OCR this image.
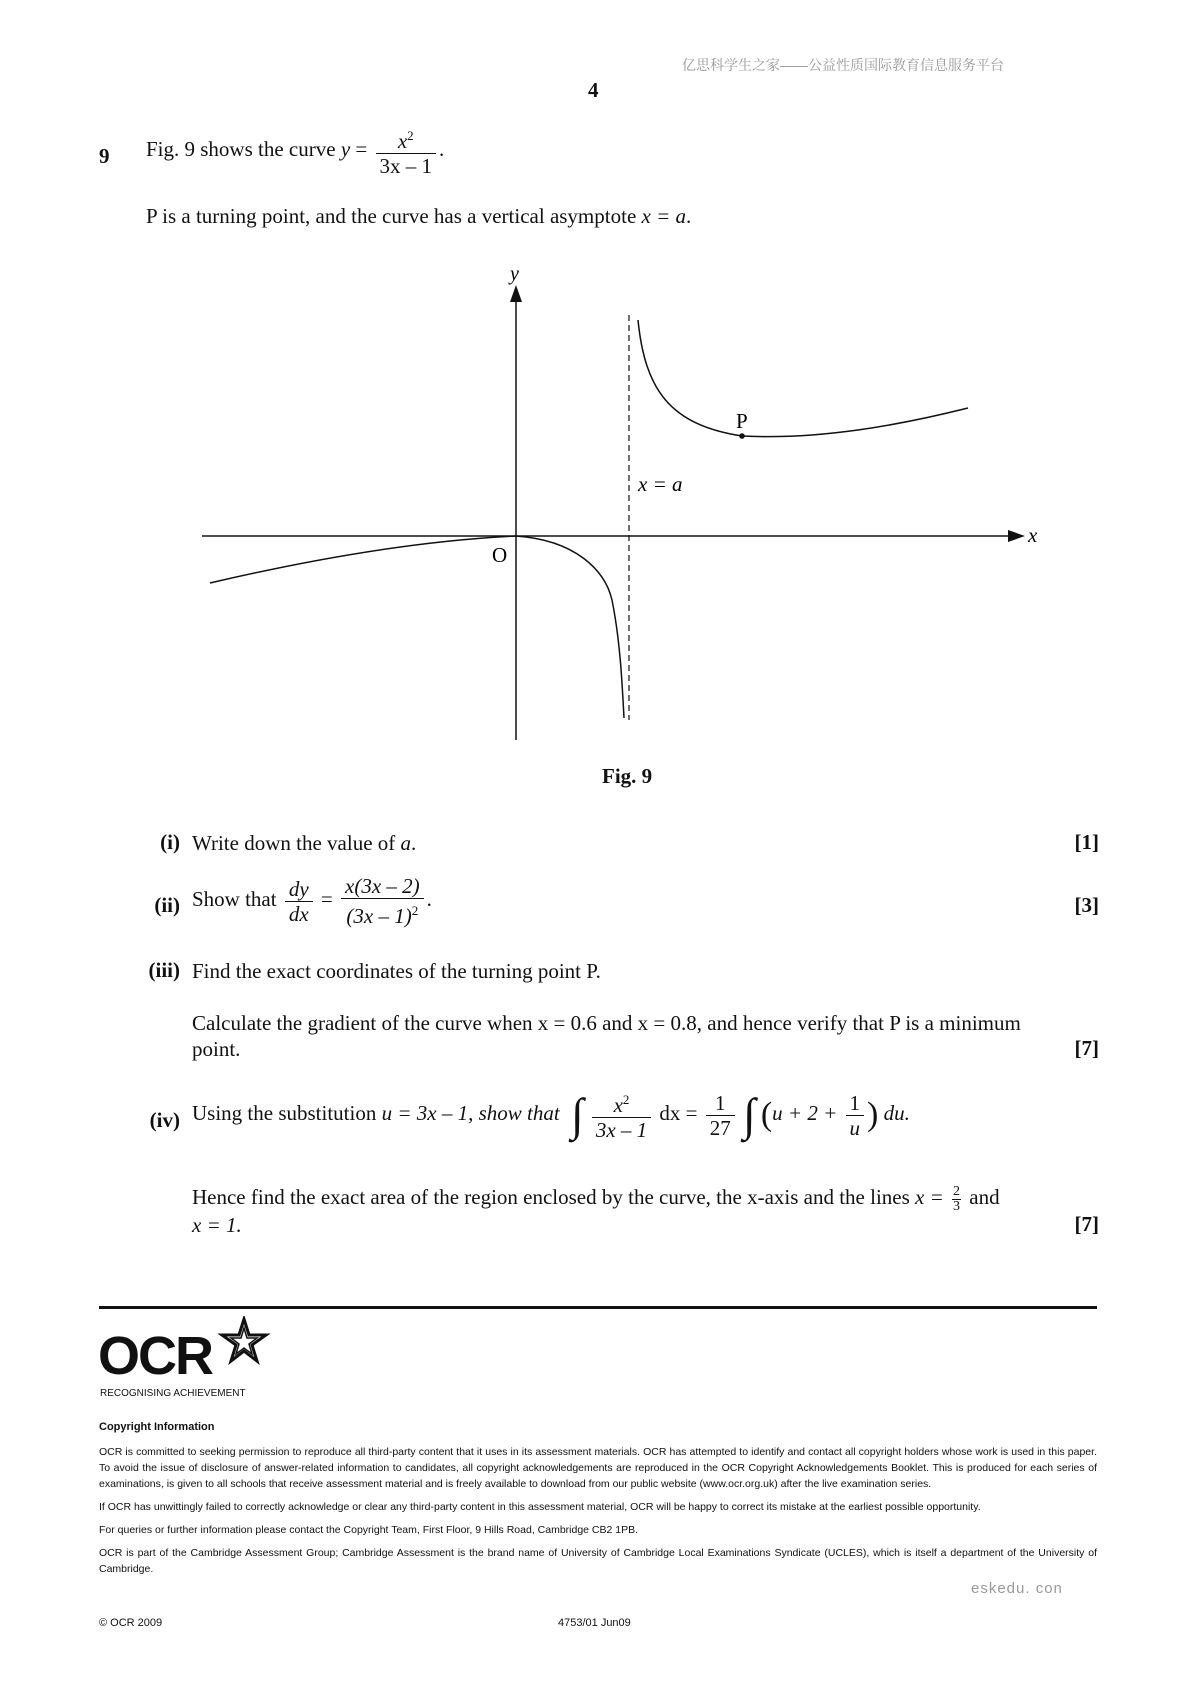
亿思科学生之家——公益性质国际教育信息服务平台
4
9 Fig. 9 shows the curve $y = \frac{x^2}{3x - 1}$ .
P is a turning point, and the curve has a vertical asymptote x = a.
y
x
O
P
x = a
Fig. 9
(i) Write down the value of a.	[1]
(ii) Show that $\frac{dy}{dx} = \frac{x(3x - 2)}{(3x - 1)^2}$ .	[3]
(iii) Find the exact coordinates of the turning point P.
Calculate the gradient of the curve when x = 0.6 and x = 0.8, and hence verify that P is a minimum
point.	[7]
(iv) Using the substitution u = 3x – 1, show that ∫ $\frac{x^2}{3x - 1}$ dx = $\frac{1}{27}$ ∫ ($u + 2 + \frac{1}{u}$ ) du.
Hence find the exact area of the region enclosed by the curve, the x-axis and the lines $x = \frac{2}{3}$ and
x = 1.	[7]
OCR
RECOGNISING ACHIEVEMENT
Copyright Information

OCR is committed to seeking permission to reproduce all third-party content that it uses in its assessment materials. OCR has attempted to identify and contact all copyright holders whose work is used in this paper. To avoid the issue of disclosure of answer-related information to candidates, all copyright acknowledgements are reproduced in the OCR Copyright Acknowledgements Booklet. This is produced for each series of examinations, is given to all schools that receive assessment material and is freely available to download from our public website (www.ocr.org.uk) after the live examination series.

If OCR has unwittingly failed to correctly acknowledge or clear any third-party content in this assessment material, OCR will be happy to correct its mistake at the earliest possible opportunity.

For queries or further information please contact the Copyright Team, First Floor, 9 Hills Road, Cambridge CB2 1PB.

OCR is part of the Cambridge Assessment Group; Cambridge Assessment is the brand name of University of Cambridge Local Examinations Syndicate (UCLES), which is itself a department of the University of Cambridge.

eskedu. con
© OCR 2009	4753/01 Jun09
